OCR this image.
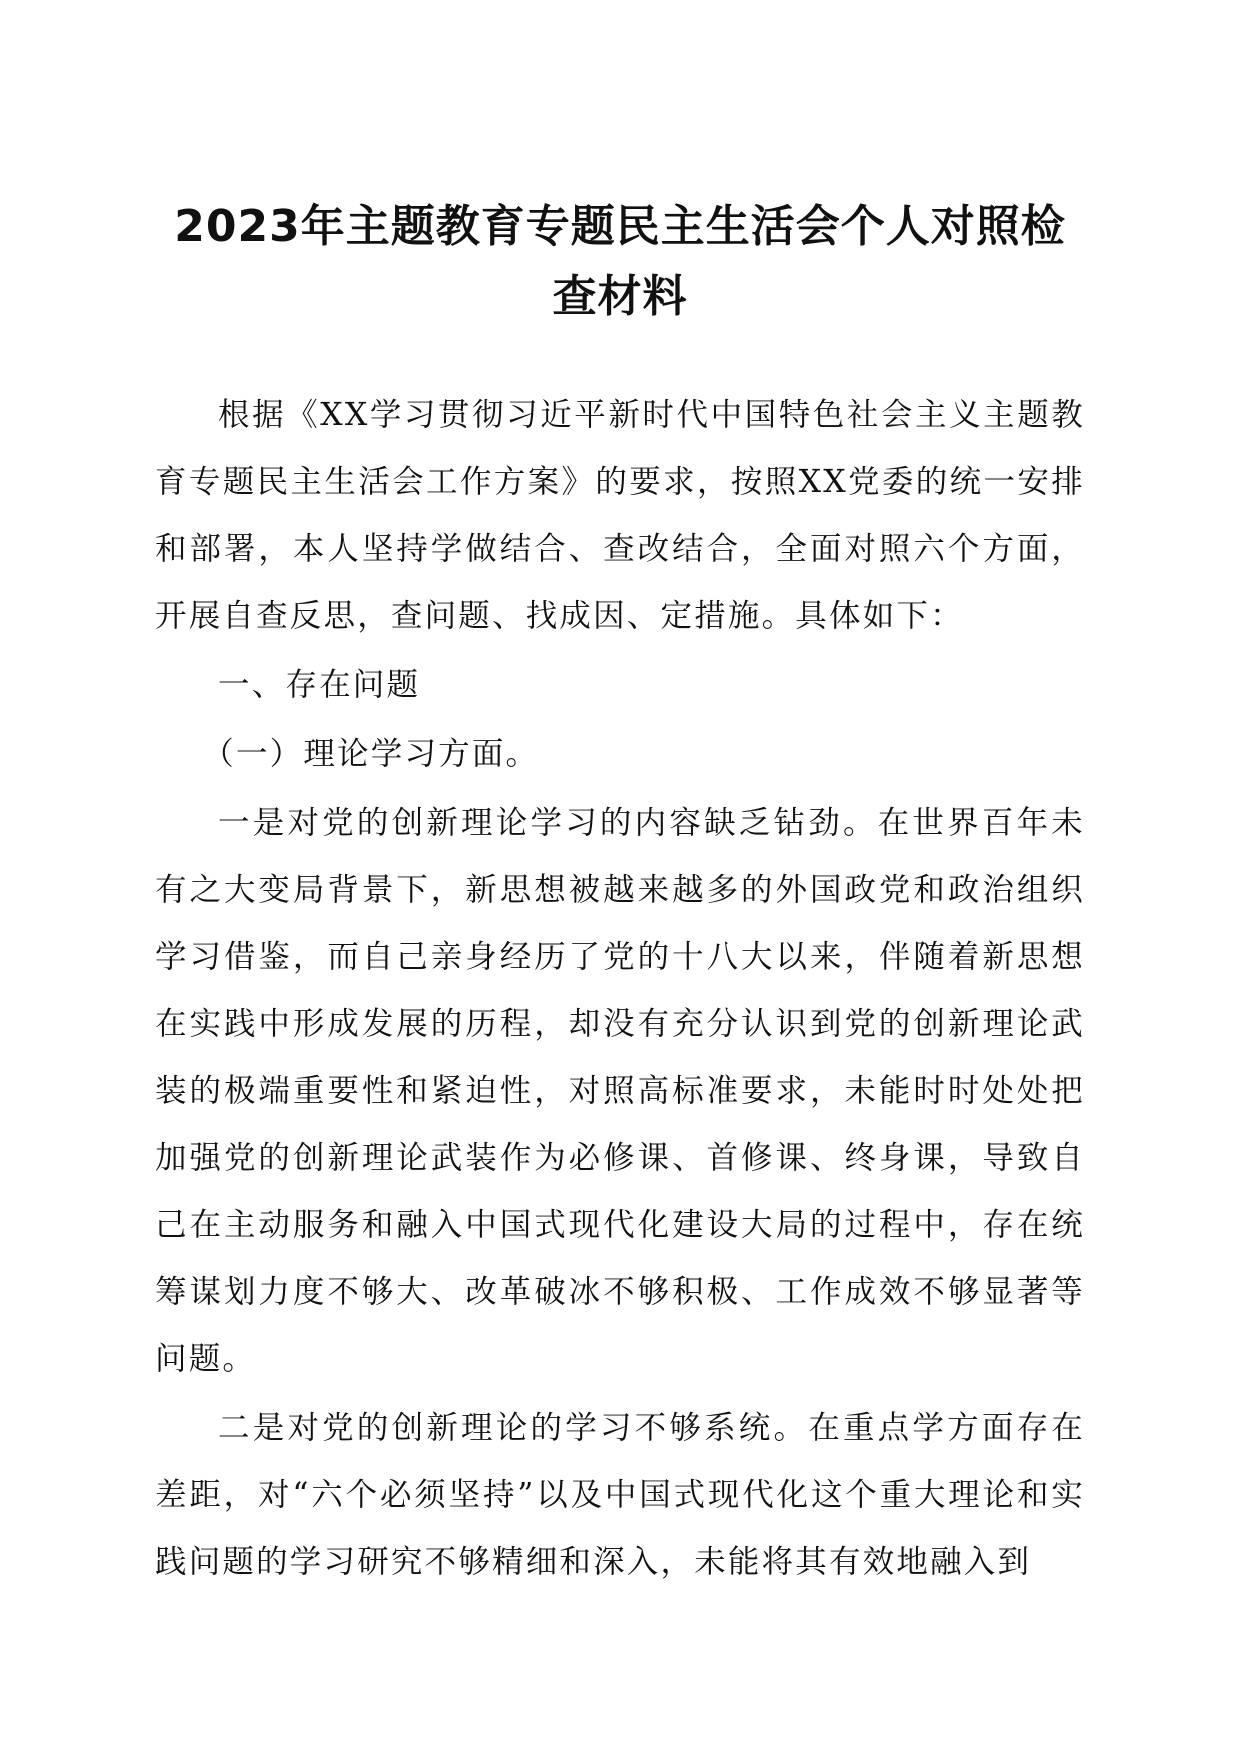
2023年主题教育专题民主生活会个人对照检查材料

根据《XX学习贯彻习近平新时代中国特色社会主义主题教育专题民主生活会工作方案》的要求，按照XX党委的统一安排和部署，本人坚持学做结合、查改结合，全面对照六个方面，开展自查反思，查问题、找成因、定措施。具体如下：

一、存在问题

（一）理论学习方面。

一是对党的创新理论学习的内容缺乏钻劲。在世界百年未有之大变局背景下，新思想被越来越多的外国政党和政治组织学习借鉴，而自己亲身经历了党的十八大以来，伴随着新思想在实践中形成发展的历程，却没有充分认识到党的创新理论武装的极端重要性和紧迫性，对照高标准要求，未能时时处处把加强党的创新理论武装作为必修课、首修课、终身课，导致自己在主动服务和融入中国式现代化建设大局的过程中，存在统筹谋划力度不够大、改革破冰不够积极、工作成效不够显著等问题。

二是对党的创新理论的学习不够系统。在重点学方面存在差距，对“六个必须坚持”以及中国式现代化这个重大理论和实践问题的学习研究不够精细和深入，未能将其有效地融入到
